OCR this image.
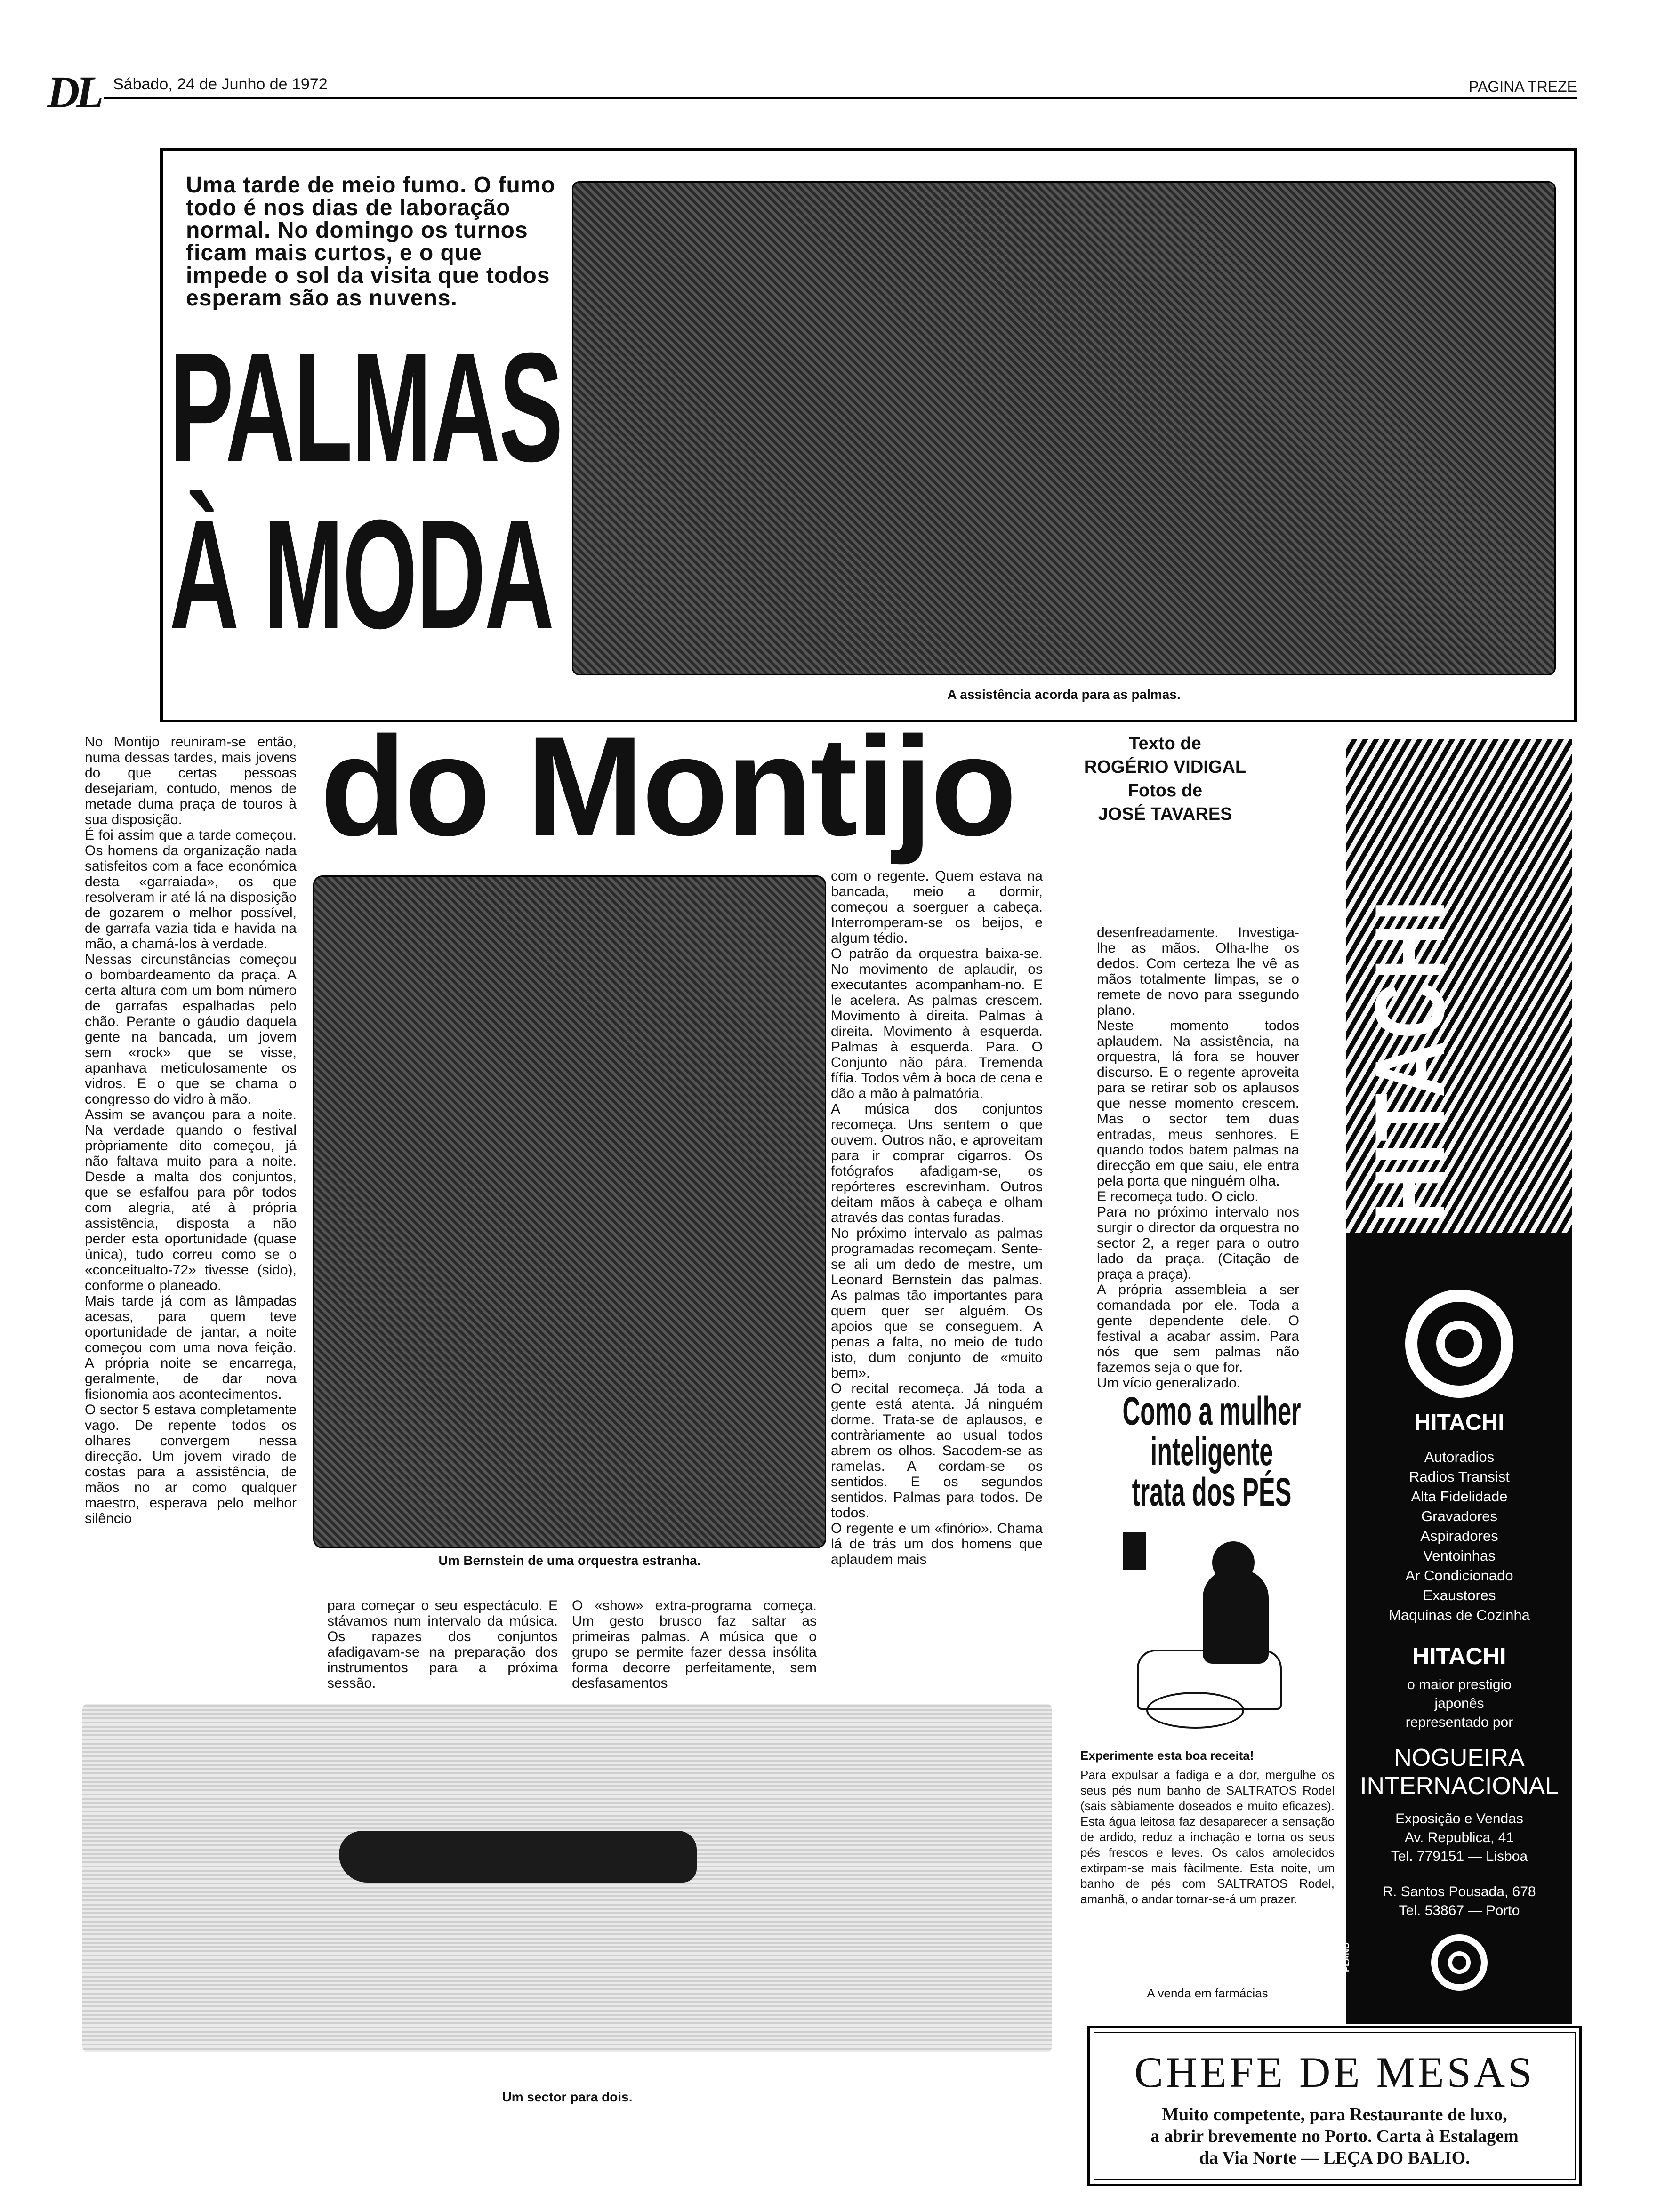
DL Sábado, 24 de Junho de 1972	PAGINA TREZE
Uma tarde de meio fumo. O fumo todo é nos dias de laboração normal. No domingo os turnos ficam mais curtos, e o que impede o sol da visita que todos esperam são as nuvens.
PALMAS
À MODA
A assistência acorda para as palmas.
do Montijo	Texto de
ROGÉRIO VIDIGAL
Fotos de
JOSÉ TAVARES
No Montijo reuniram-se então, numa dessas tardes, mais jovens do que certas pessoas desejariam, contudo, menos de metade duma praça de touros à sua disposição.
É foi assim que a tarde começou. Os homens da organização nada satisfeitos com a face económica desta «garraiada», os que resolveram ir até lá na disposição de gozarem o melhor possível, de garrafa vazia tida e havida na mão, a chamá-los à verdade.
Nessas circunstâncias começou o bombardeamento da praça. A certa altura com um bom número de garrafas espalhadas pelo chão. Perante o gáudio daquela gente na bancada, um jovem sem «rock» que se visse, apanhava meticulosamente os vidros. E o que se chama o congresso do vidro à mão.
Assim se avançou para a noite. Na verdade quando o festival pròpriamente dito começou, já não faltava muito para a noite. Desde a maltа dos conjuntos, que se esfalfou para pôr todos com alegria, até à própria assistência, disposta a não perder esta oportunidade (quase única), tudo correu como se o «conceitualto-72» tivesse (sido), conforme o planeado.
Mais tarde já com as lâmpadas acesas, para quem teve oportunidade de jantar, a noite começou com uma nova feição. A própria noite se encarrega, geralmente, de dar nova fisionomia aos acontecimentos.
O sector 5 estava completamente vago. De repente todos os olhares convergem nessa direcção. Um jovem virado de costas para a assistência, de mãos no ar como qualquer maestro, esperava pelo melhor silêncio
Um Bernstein de uma orquestra estranha.
para começar o seu espectáculo. E stávamos num intervalo da música. Os rapazes dos conjuntos afadigavam-se na preparação dos instrumentos para a próxima sessão.
O «show» extra-programa começa. Um gesto brusco faz saltar as primeiras palmas. A música que o grupo se permite fazer dessa insólita forma decorre perfeitamente, sem desfasamentos
com o regente. Quem estava na bancada, meio a dormir, começou a soerguer a cabeça. Interromperam-se os beijos, e algum tédio.
O patrão da orquestra baixa-se. No movimento de aplaudir, os executantes acompanham-no. E le acelera. As palmas crescem. Movimento à direita. Palmas à direita. Movimento à esquerda. Palmas à esquerda. Para. O Conjunto não pára. Tremenda fífia. Todos vêm à boca de cena e dão a mão à palmatória.
A música dos conjuntos recomeça. Uns sentem o que ouvem. Outros não, e aproveitam para ir comprar cigarros. Os fotógrafos afadigam-se, os repórteres escrevinham. Outros deitam mãos à cabeça e olham através das contas furadas.
No próximo intervalo as palmas programadas recomeçam. Sente-se ali um dedo de mestre, um Leonard Bernstein das palmas. As palmas tão importantes para quem quer ser alguém. Os apoios que se conseguem. A penas a falta, no meio de tudo isto, dum conjunto de «muito bem».
O recital recomeça. Já toda a gente está atenta. Já ninguém dorme. Trata-se de aplausos, e contràriamente ao usual todos abrem os olhos. Sacodem-se as ramelas. A cordam-se os sentidos. E os segundos sentidos. Palmas para todos. De todos.
O regente e um «finório». Chama lá de trás um dos homens que aplaudem mais
desenfreadamente. Investiga-lhe as mãos. Olha-lhe os dedos. Com certeza lhe vê as mãos totalmente limpas, se o remete de novo para ssegundo plano.
Neste momento todos aplaudem. Na assistência, na orquestra, lá fora se houver discurso. E o regente aproveita para se retirar sob os aplausos que nesse momento crescem. Mas o sector tem duas entradas, meus senhores. E quando todos batem palmas na direcção em que saiu, ele entra pela porta que ninguém olha.
E recomeça tudo. O ciclo.
Para no próximo intervalo nos surgir o director da orquestra no sector 2, a reger para o outro lado da praça. (Citação de praça a praça).
A própria assembleia a ser comandada por ele. Toda a gente dependente dele. O festival a acabar assim. Para nós que sem palmas não fazemos seja o que for.
Um vício generalizado.
Um sector para dois.
HITACHI
HITACHI
Autoradios
Radios Transist
Alta Fidelidade
Gravadores
Aspiradores
Ventoinhas
Ar Condicionado
Exaustores
Maquinas de Cozinha
HITACHI
o maior prestigio
japonês
representado por
NOGUEIRA
INTERNACIONAL
Exposição e Vendas
Av. Republica, 41
Tel. 779151 — Lisboa
R. Santos Pousada, 678
Tel. 53867 — Porto
PLANO
Como a mulher
inteligente
trata dos PÉS
Experimente esta boa receita!
Para expulsar a fadiga e a dor, mergulhe os seus pés num banho de SALTRATOS Rodel (sais sàbiamente doseados e muito eficazes). Esta água leitosa faz desaparecer a sensação de ardido, reduz a inchação e torna os seus pés frescos e leves. Os calos amolecidos extirpam-se mais fàcilmente. Esta noite, um banho de pés com SALTRATOS Rodel, amanhã, o andar tornar-se-á um prazer.
A venda em farmácias
CHEFE DE MESAS
Muito competente, para Restaurante de luxo,
a abrir brevemente no Porto. Carta à Estalagem
da Via Norte — LEÇA DO BALIO.
